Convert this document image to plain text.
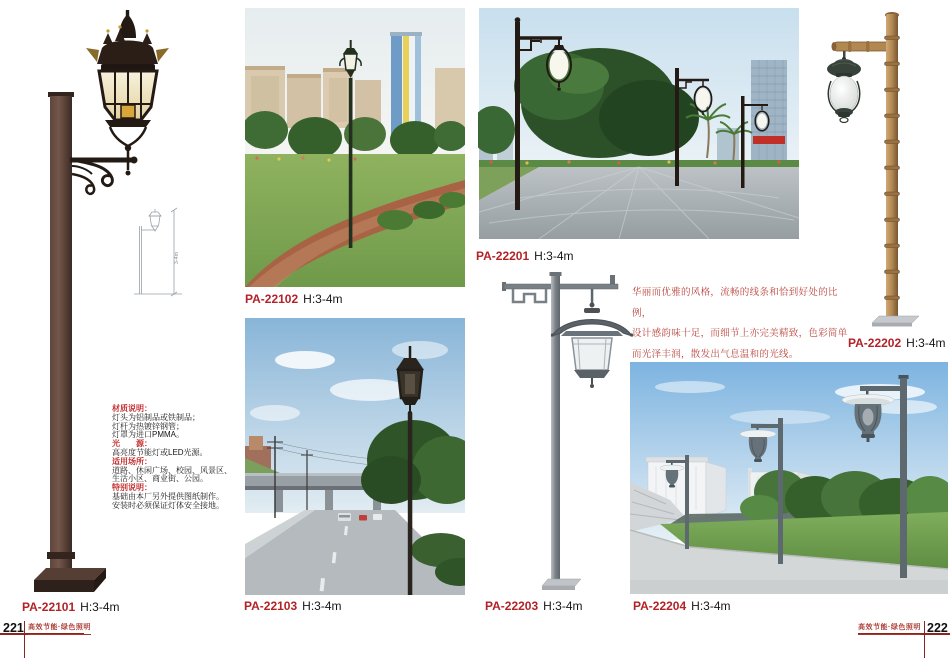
3-4m
材质说明：
灯头为铝制品或铁制品；
灯杆为热镀锌钢管；
灯罩为进口PMMA。
光　　源：
高亮度节能灯或LED光源。
适用场所：
道路、休闲广场、校园、风景区、
生活小区、商业街、公园。
特别说明：
基础由本厂另外提供图纸制作。
安装时必须保证灯体安全接地。
华丽而优雅的风格，流畅的线条和恰到好处的比例，
设计感韵味十足，而细节上亦完美精致，色彩简单
而光泽丰润，散发出气息温和的光线。
PA-22101 H:3-4m
PA-22102 H:3-4m
PA-22103 H:3-4m
PA-22201 H:3-4m
PA-22202 H:3-4m
PA-22203 H:3-4m	PA-22204 H:3-4m
221 高效节能·绿色照明	高效节能·绿色照明 222
